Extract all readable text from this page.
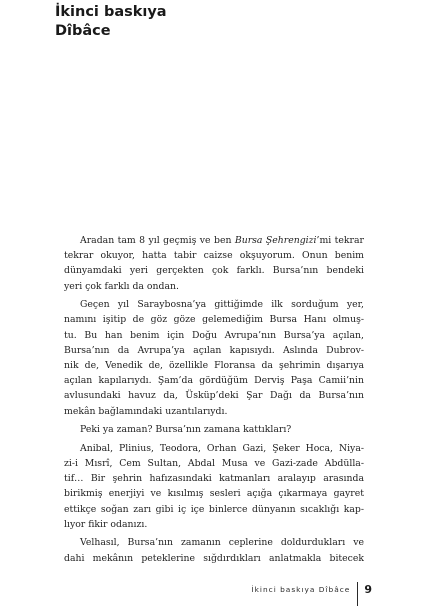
İkinci baskıya
Dîbâce
Aradan tam 8 yıl geçmiş ve ben Bursa Şehrengizi’mi tekrar
tekrar okuyor, hatta tabir caizse okşuyorum. Onun benim
dünyamdaki yeri gerçekten çok farklı. Bursa’nın bendeki
yeri çok farklı da ondan.
Geçen yıl Saraybosna’ya gittiğimde ilk sorduğum yer,
namını işitip de göz göze gelemediğim Bursa Hanı olmuş-
tu. Bu han benim için Doğu Avrupa’nın Bursa’ya açılan,
Bursa’nın da Avrupa’ya açılan kapısıydı. Aslında Dubrov-
nik de, Venedik de, özellikle Floransa da şehrimin dışarıya
açılan kapılarıydı. Şam’da gördüğüm Derviş Paşa Camii’nin
avlusundaki havuz da, Üsküp’deki Şar Dağı da Bursa’nın
mekân bağlamındaki uzantılarıydı.
Peki ya zaman? Bursa’nın zamana kattıkları?
Anibal, Plinius, Teodora, Orhan Gazi, Şeker Hoca, Niya-
zi-i Mısrî, Cem Sultan, Abdal Musa ve Gazi-zade Abdülla-
tif… Bir şehrin hafızasındaki katmanları aralayıp arasında
birikmiş enerjiyi ve kısılmış sesleri açığa çıkarmaya gayret
ettikçe soğan zarı gibi iç içe binlerce dünyanın sıcaklığı kap-
lıyor fikir odanızı.
Velhasıl, Bursa’nın zamanın ceplerine doldurdukları ve
dahi mekânın peteklerine sığdırdıkları anlatmakla bitecek
İkinci baskıya Dîbâce 9
